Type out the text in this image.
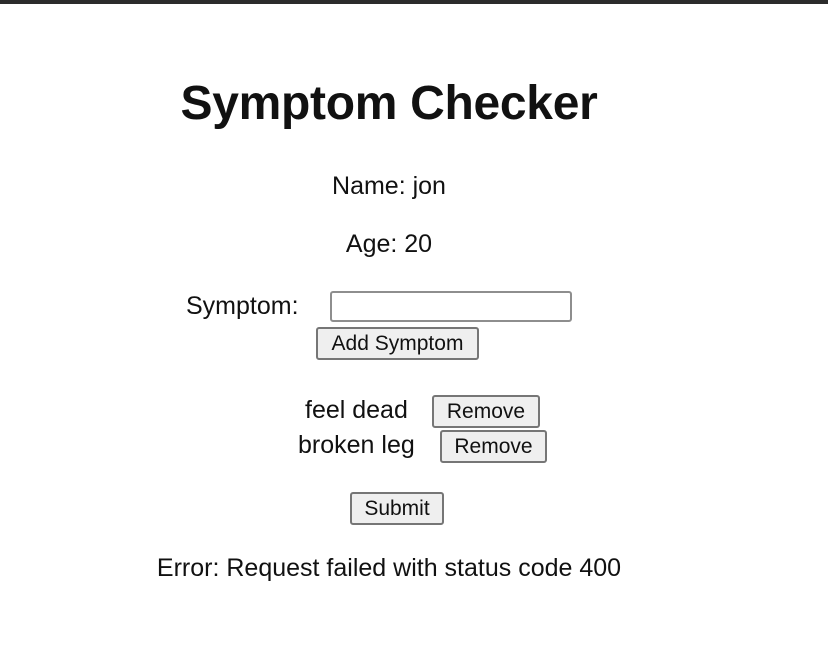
Symptom Checker

Name: jon

Age: 20

Symptom:
Add Symptom
feel dead	Remove
broken leg	Remove
Submit

Error: Request failed with status code 400
